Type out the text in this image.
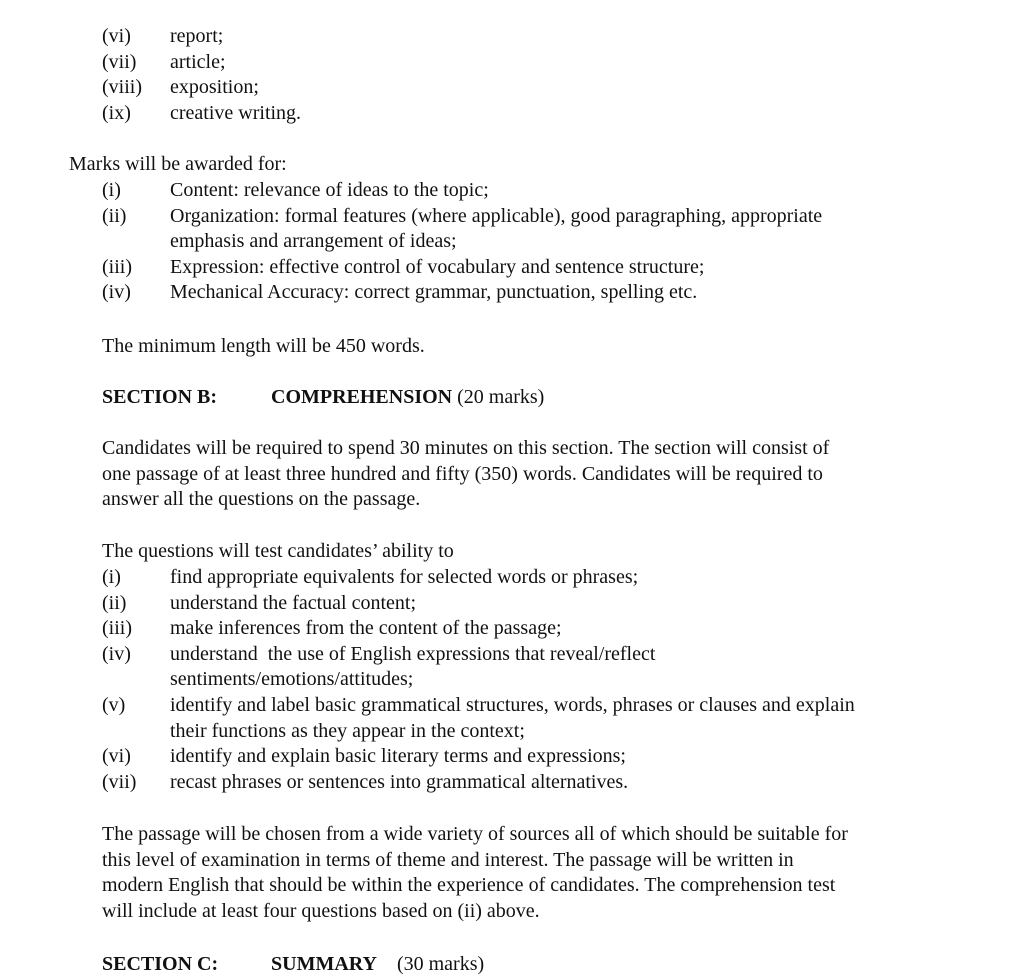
(vi) report;
(vii) article;
(viii) exposition;
(ix) creative writing.
Marks will be awarded for:
(i) Content: relevance of ideas to the topic;
(ii) Organization: formal features (where applicable), good paragraphing, appropriate
emphasis and arrangement of ideas;
(iii) Expression: effective control of vocabulary and sentence structure;
(iv) Mechanical Accuracy: correct grammar, punctuation, spelling etc.
The minimum length will be 450 words.
SECTION B:	COMPREHENSION (20 marks)

Candidates will be required to spend 30 minutes on this section. The section will consist of
one passage of at least three hundred and fifty (350) words. Candidates will be required to
answer all the questions on the passage.

The questions will test candidates’ ability to
(i) find appropriate equivalents for selected words or phrases;
(ii) understand the factual content;
(iii) make inferences from the content of the passage;
(iv) understand  the use of English expressions that reveal/reflect
sentiments/emotions/attitudes;
(v) identify and label basic grammatical structures, words, phrases or clauses and explain
their functions as they appear in the context;
(vi) identify and explain basic literary terms and expressions;
(vii) recast phrases or sentences into grammatical alternatives.

The passage will be chosen from a wide variety of sources all of which should be suitable for
this level of examination in terms of theme and interest. The passage will be written in
modern English that should be within the experience of candidates. The comprehension test
will include at least four questions based on (ii) above.

SECTION C:	SUMMARY (30 marks)
